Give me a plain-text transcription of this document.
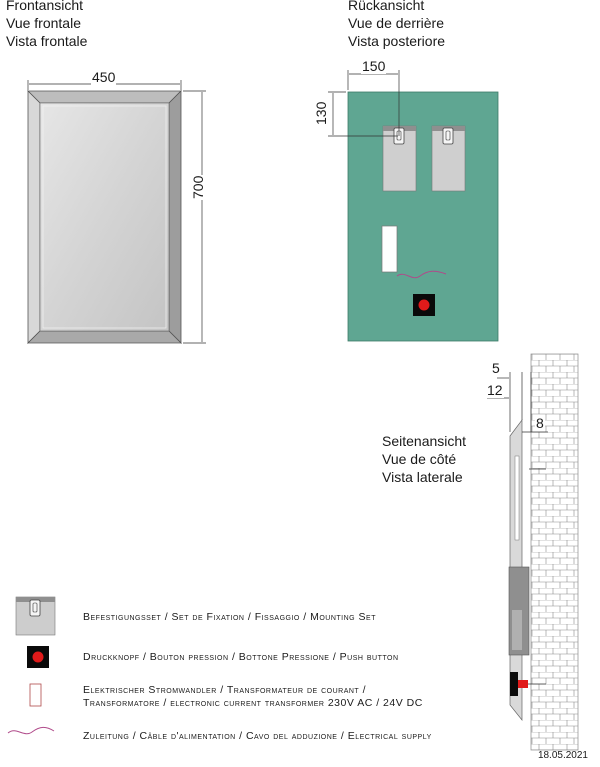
Frontansicht
Vue frontale
Vista frontale
Rückansicht
Vue de derrière
Vista posteriore
Seitenansicht
Vue de côté
Vista laterale
450
700
150
130
5
12
8
Befestigungsset / Set de Fixation / Fissaggio / Mounting Set
Druckknopf / Bouton pression / Bottone Pressione / Push button
Elektrischer Stromwandler / Transformateur de courant /
Transformatore / electronic current transformer 230V AC / 24V DC
Zuleitung / Câble d'alimentation / Cavo del adduzione / Electrical supply
18.05.2021
